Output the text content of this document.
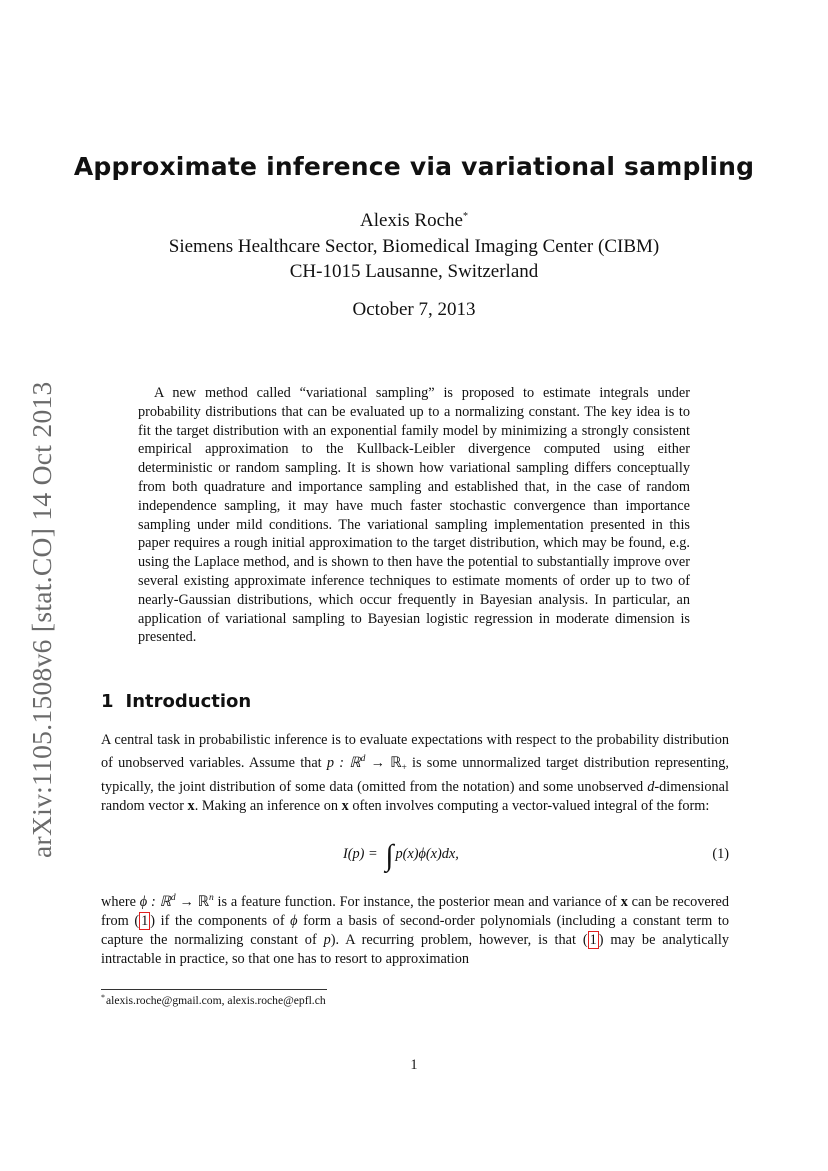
arXiv:1105.1508v6 [stat.CO] 14 Oct 2013
Approximate inference via variational sampling
Alexis Roche*
Siemens Healthcare Sector, Biomedical Imaging Center (CIBM)
CH-1015 Lausanne, Switzerland
October 7, 2013

A new method called “variational sampling” is proposed to estimate integrals under probability distributions that can be evaluated up to a normalizing constant. The key idea is to fit the target distribution with an exponential family model by minimizing a strongly consistent empirical approximation to the Kullback-Leibler divergence computed using either deterministic or random sampling. It is shown how variational sampling differs conceptually from both quadrature and importance sampling and established that, in the case of random independence sampling, it may have much faster stochastic convergence than importance sampling under mild conditions. The variational sampling implementation presented in this paper requires a rough initial approximation to the target distribution, which may be found, e.g. using the Laplace method, and is shown to then have the potential to substantially improve over several existing approximate inference techniques to estimate moments of order up to two of nearly-Gaussian distributions, which occur frequently in Bayesian analysis. In particular, an application of variational sampling to Bayesian logistic regression in moderate dimension is presented.

1 Introduction

A central task in probabilistic inference is to evaluate expectations with respect to the probability distribution of unobserved variables. Assume that p : ℝ$^d$ → ℝ$_+$ is some unnormalized target distribution representing, typically, the joint distribution of some data (omitted from the notation) and some unobserved d-dimensional random vector x. Making an inference on x often involves computing a vector-valued integral of the form:

I(p) = ∫ p(x)ϕ(x)dx,	(1)

where ϕ : ℝ$^d$ → ℝ$^n$ is a feature function. For instance, the posterior mean and variance of x can be recovered from ( 1 ) if the components of ϕ form a basis of second-order polynomials (including a constant term to capture the normalizing constant of p). A recurring problem, however, is that ( 1 ) may be analytically intractable in practice, so that one has to resort to approximation

*alexis.roche@gmail.com, alexis.roche@epfl.ch
1
